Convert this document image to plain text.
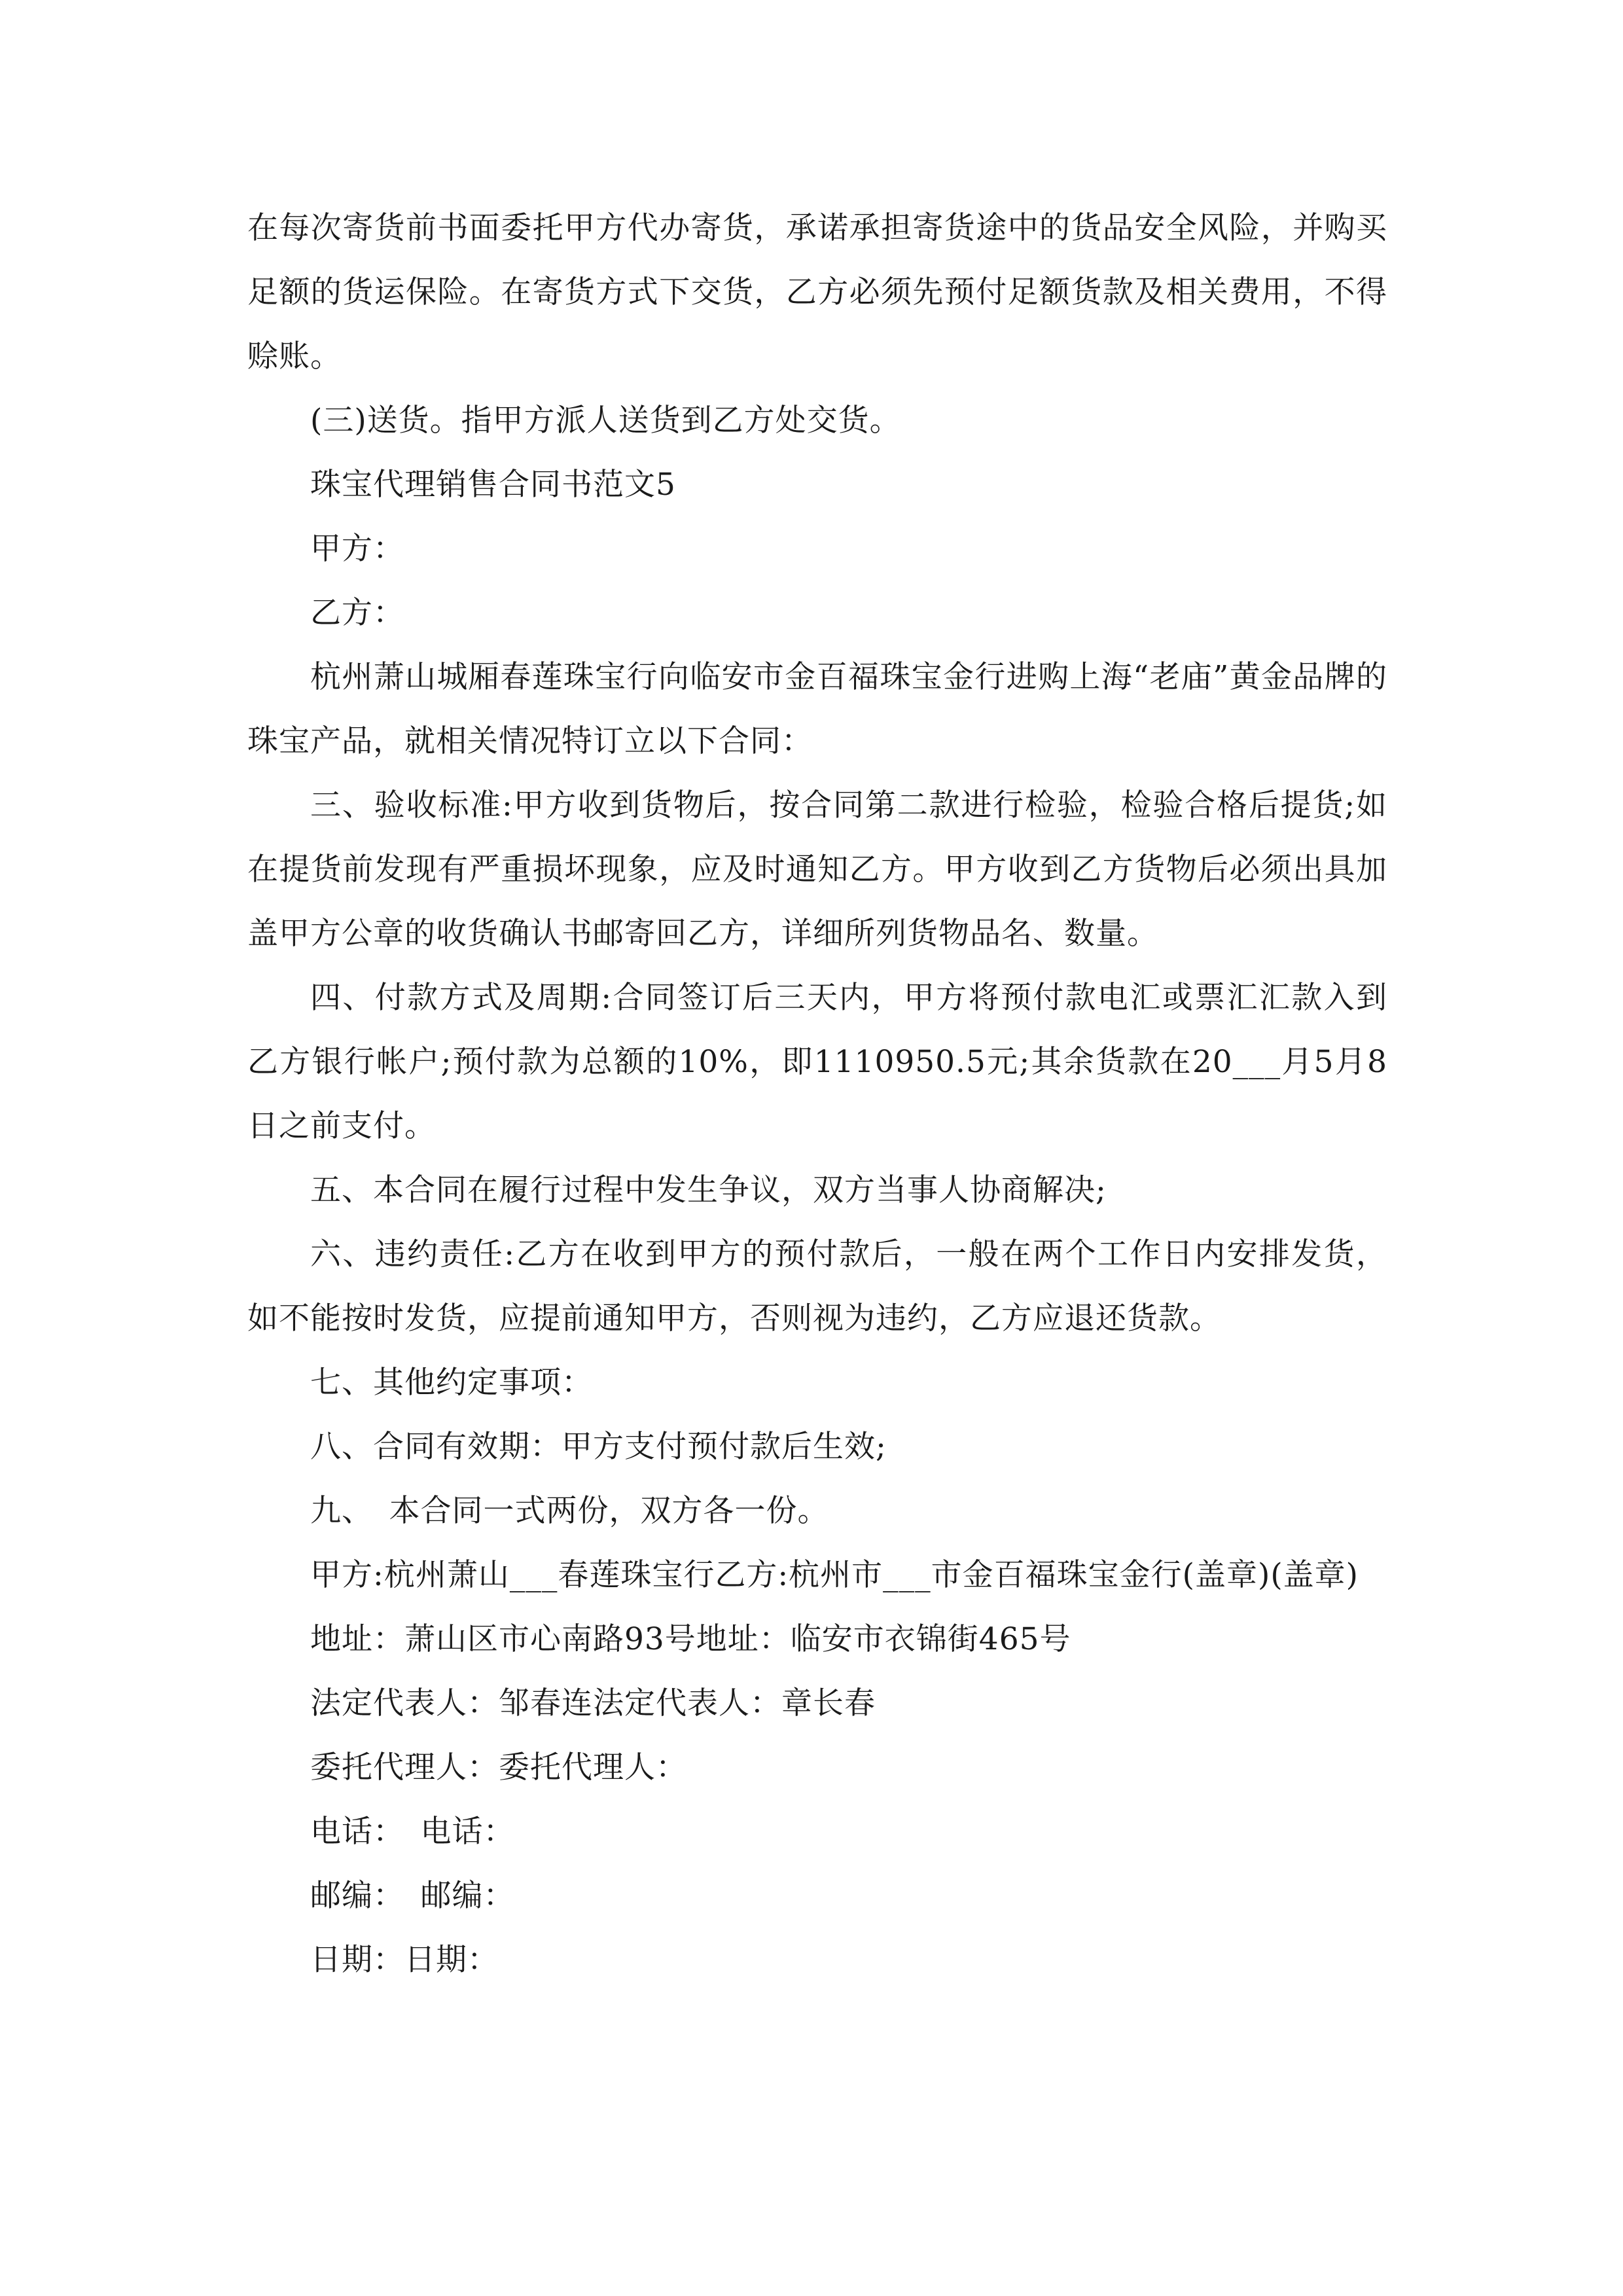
在每次寄货前书面委托甲方代办寄货，承诺承担寄货途中的货品安全风险，并购买足额的货运保险。在寄货方式下交货，乙方必须先预付足额货款及相关费用，不得赊账。

(三)送货。指甲方派人送货到乙方处交货。

珠宝代理销售合同书范文5

甲方：

乙方：

杭州萧山城厢春莲珠宝行向临安市金百福珠宝金行进购上海“老庙”黄金品牌的珠宝产品，就相关情况特订立以下合同：

三、验收标准:甲方收到货物后，按合同第二款进行检验，检验合格后提货;如在提货前发现有严重损坏现象，应及时通知乙方。甲方收到乙方货物后必须出具加盖甲方公章的收货确认书邮寄回乙方，详细所列货物品名、数量。

四、付款方式及周期:合同签订后三天内，甲方将预付款电汇或票汇汇款入到乙方银行帐户;预付款为总额的10%，即1110950.5元;其余货款在20___月5月8日之前支付。

五、本合同在履行过程中发生争议，双方当事人协商解决;

六、违约责任:乙方在收到甲方的预付款后，一般在两个工作日内安排发货，如不能按时发货，应提前通知甲方，否则视为违约，乙方应退还货款。

七、其他约定事项：

八、合同有效期：甲方支付预付款后生效;

九、　本合同一式两份，双方各一份。

甲方:杭州萧山___春莲珠宝行乙方:杭州市___市金百福珠宝金行(盖章)(盖章)

地址：萧山区市心南路93号地址：临安市衣锦街465号

法定代表人：邹春连法定代表人：章长春

委托代理人：委托代理人：

电话：　电话：

邮编：　邮编：

日期：日期：
